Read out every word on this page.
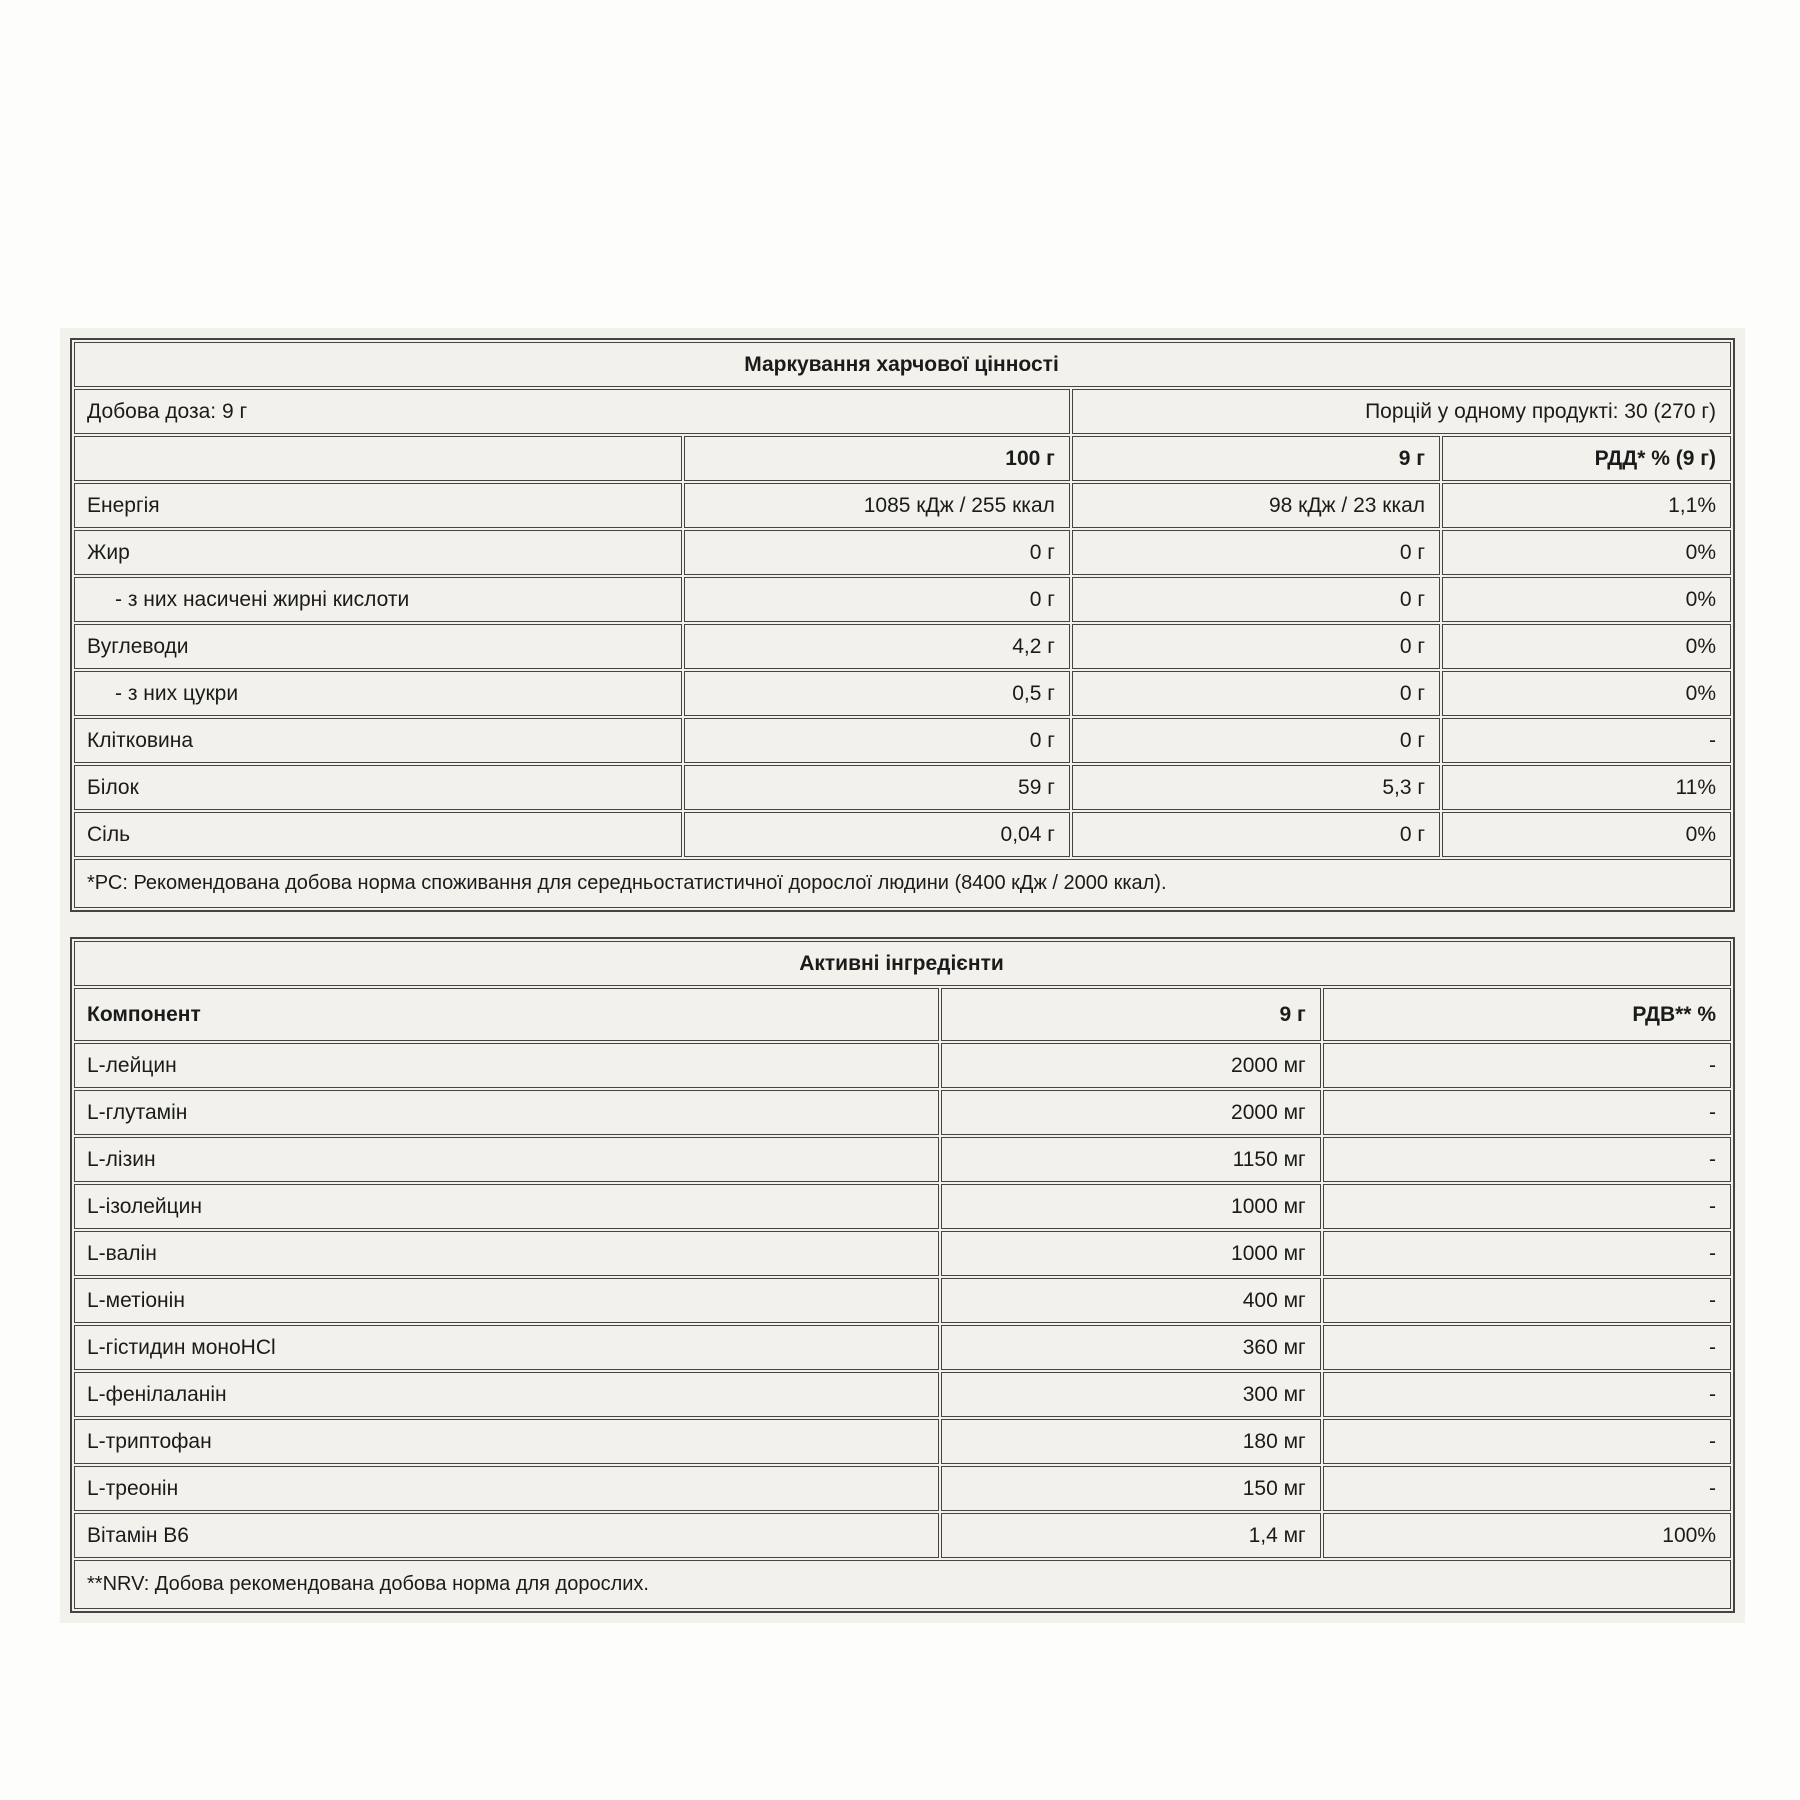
Маркування харчової цінності			
Добова доза: 9 г		Порцій у одному продукті: 30 (270 г)	
	100 г	9 г	РДД* % (9 г)
Енергія	1085 кДж / 255 ккал	98 кДж / 23 ккал	1,1%
Жир	0 г	0 г	0%
- з них насичені жирні кислоти	0 г	0 г	0%
Вуглеводи	4,2 г	0 г	0%
- з них цукри	0,5 г	0 г	0%
Клітковина	0 г	0 г	-
Білок	59 г	5,3 г	11%
Сіль	0,04 г	0 г	0%
*РС: Рекомендована добова норма споживання для середньостатистичної дорослої людини (8400 кДж / 2000 ккал).			
Активні інгредієнти		
Компонент	9 г	РДВ** %
L-лейцин	2000 мг	-
L-глутамін	2000 мг	-
L-лізин	1150 мг	-
L-ізолейцин	1000 мг	-
L-валін	1000 мг	-
L-метіонін	400 мг	-
L-гістидин моноHCl	360 мг	-
L-фенілаланін	300 мг	-
L-триптофан	180 мг	-
L-треонін	150 мг	-
Вітамін B6	1,4 мг	100%
**NRV: Добова рекомендована добова норма для дорослих.		
